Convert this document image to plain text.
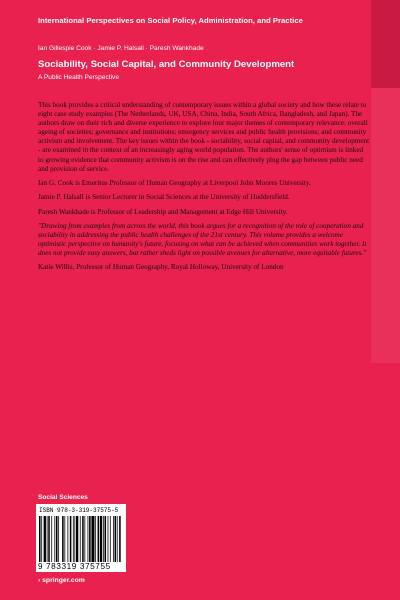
International Perspectives on Social Policy, Administration, and Practice
Ian Gillespie Cook · Jamie P. Halsall · Paresh Wankhade
Sociability, Social Capital, and Community Development
A Public Health Perspective

This book provides a critical understanding of contemporary issues within a global society and how these relate to eight case study examples (The Netherlands, UK, USA, China, India, South Africa, Bangladesh, and Japan). The authors draw on their rich and diverse experience to explore four major themes of contemporary relevance: overall ageing of societies; governance and institutions; emergency services and public health provisions; and community activism and involvement. The key issues within the book - sociability, social capital, and community development - are examined in the context of an increasingly aging world population. The authors' sense of optimism is linked to growing evidence that community activism is on the rise and can effectively plug the gap between public need and provision of service.

Ian G. Cook is Emeritus Professor of Human Geography at Liverpool John Moores University.

Jamie P. Halsall is Senior Lecturer in Social Sciences at the University of Huddersfield.

Paresh Wankhade is Professor of Leadership and Management at Edge Hill University.

"Drawing from examples from across the world, this book argues for a recognition of the role of cooperation and sociability in addressing the public health challenges of the 21st century. This volume provides a welcome optimistic perspective on humanity's future, focusing on what can be achieved when communities work together. It does not provide easy answers, but rather sheds light on possible avenues for alternative, more equitable futures."

Katie Willis, Professor of Human Geography, Royal Holloway, University of London

Social Sciences
ISBN 978-3-319-37575-5
9 783319 375755
› springer.com
